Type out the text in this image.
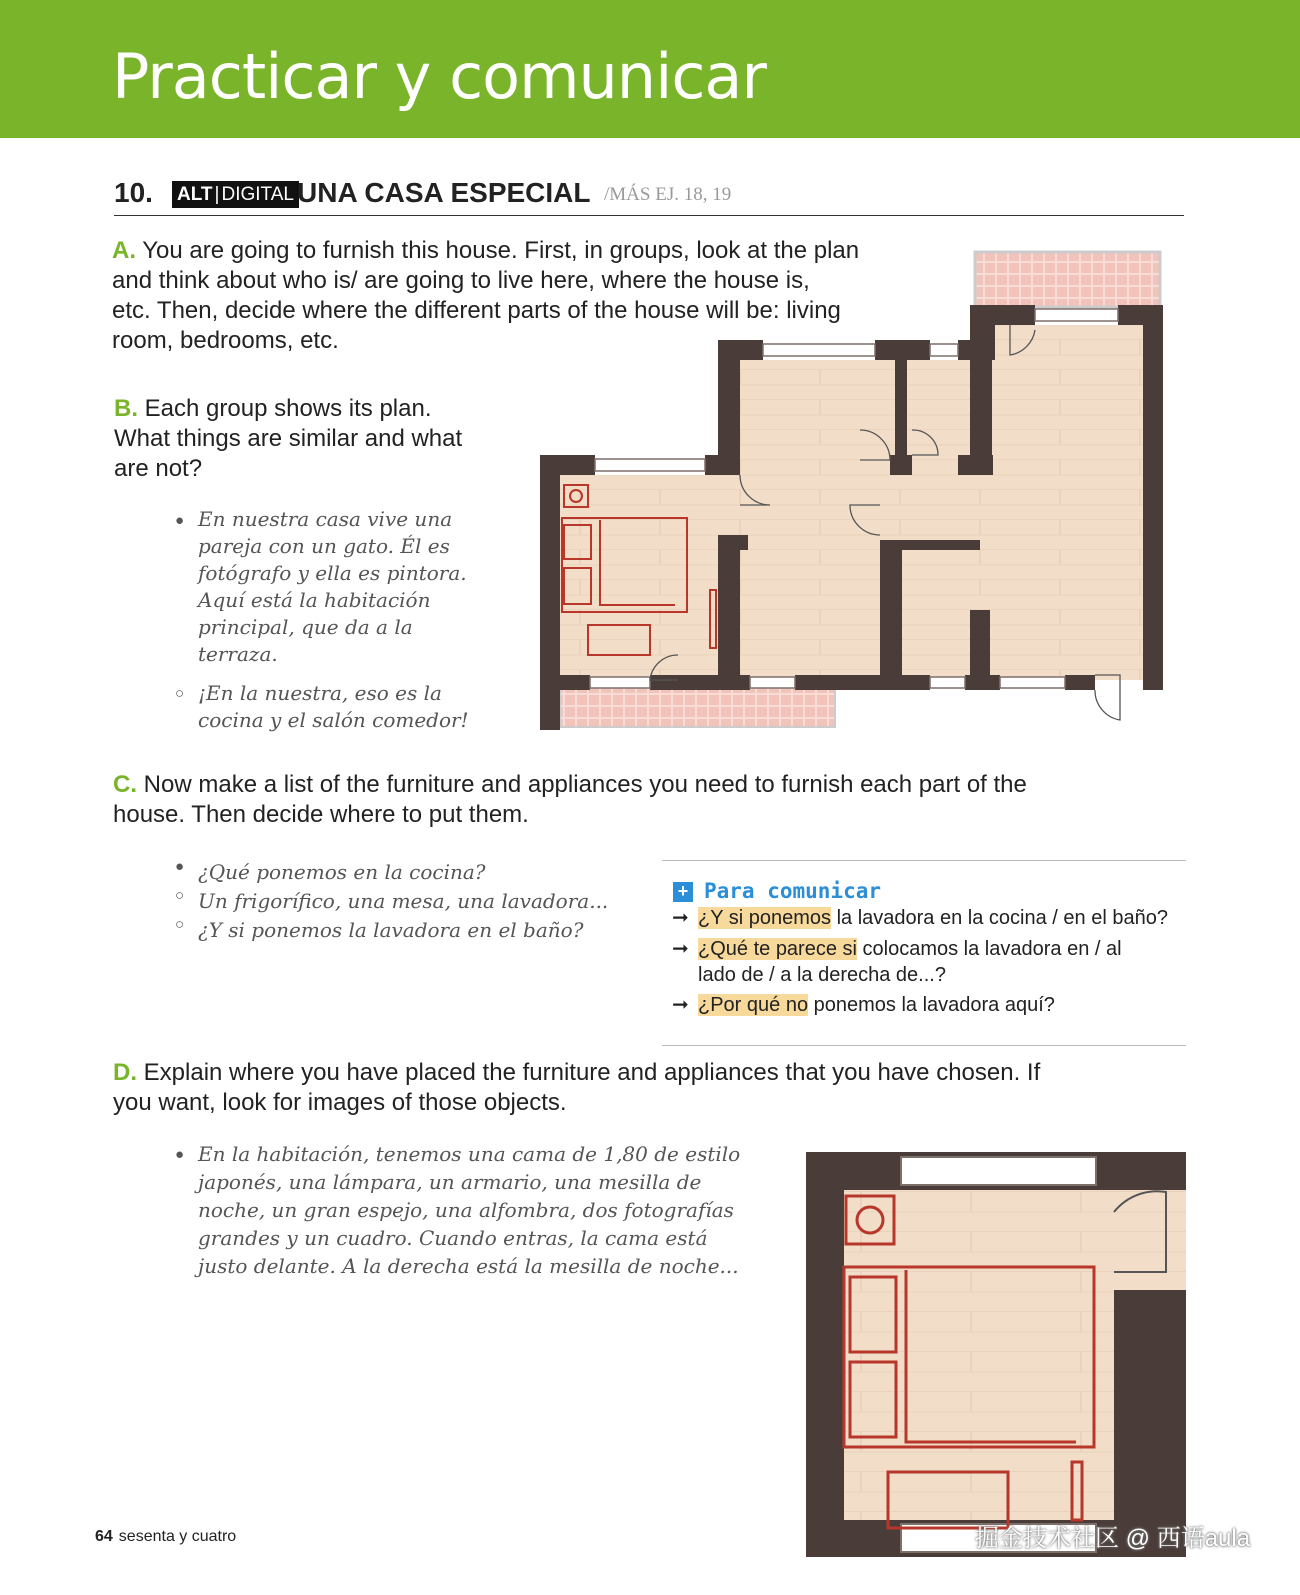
Practicar y comunicar
10. ALT | DIGITAL UNA CASA ESPECIAL /MÁS EJ. 18, 19
A. You are going to furnish this house. First, in groups, look at the plan
and think about who is/ are going to live here, where the house is,
etc. Then, decide where the different parts of the house will be: living
room, bedrooms, etc.
B. Each group shows its plan.
What things are similar and what
are not?
● En nuestra casa vive una
pareja con un gato. Él es
fotógrafo y ella es pintora.
Aquí está la habitación
principal, que da a la
terraza.
○ ¡En la nuestra, eso es la
cocina y el salón comedor!
C. Now make a list of the furniture and appliances you need to furnish each part of the
house. Then decide where to put them.
●
○
○
¿Qué ponemos en la cocina?
Un frigorífico, una mesa, una lavadora...
¿Y si ponemos la lavadora en el baño?
+ Para comunicar
➞ ¿Y si ponemos la lavadora en la cocina / en el baño?
➞ ¿Qué te parece si colocamos la lavadora en / al
lado de / a la derecha de...?
➞ ¿Por qué no ponemos la lavadora aquí?
D. Explain where you have placed the furniture and appliances that you have chosen. If
you want, look for images of those objects.
● En la habitación, tenemos una cama de 1,80 de estilo
japonés, una lámpara, un armario, una mesilla de
noche, un gran espejo, una alfombra, dos fotografías
grandes y un cuadro. Cuando entras, la cama está
justo delante. A la derecha está la mesilla de noche...
64 sesenta y cuatro	掘金技术社区 @ 西语aula
